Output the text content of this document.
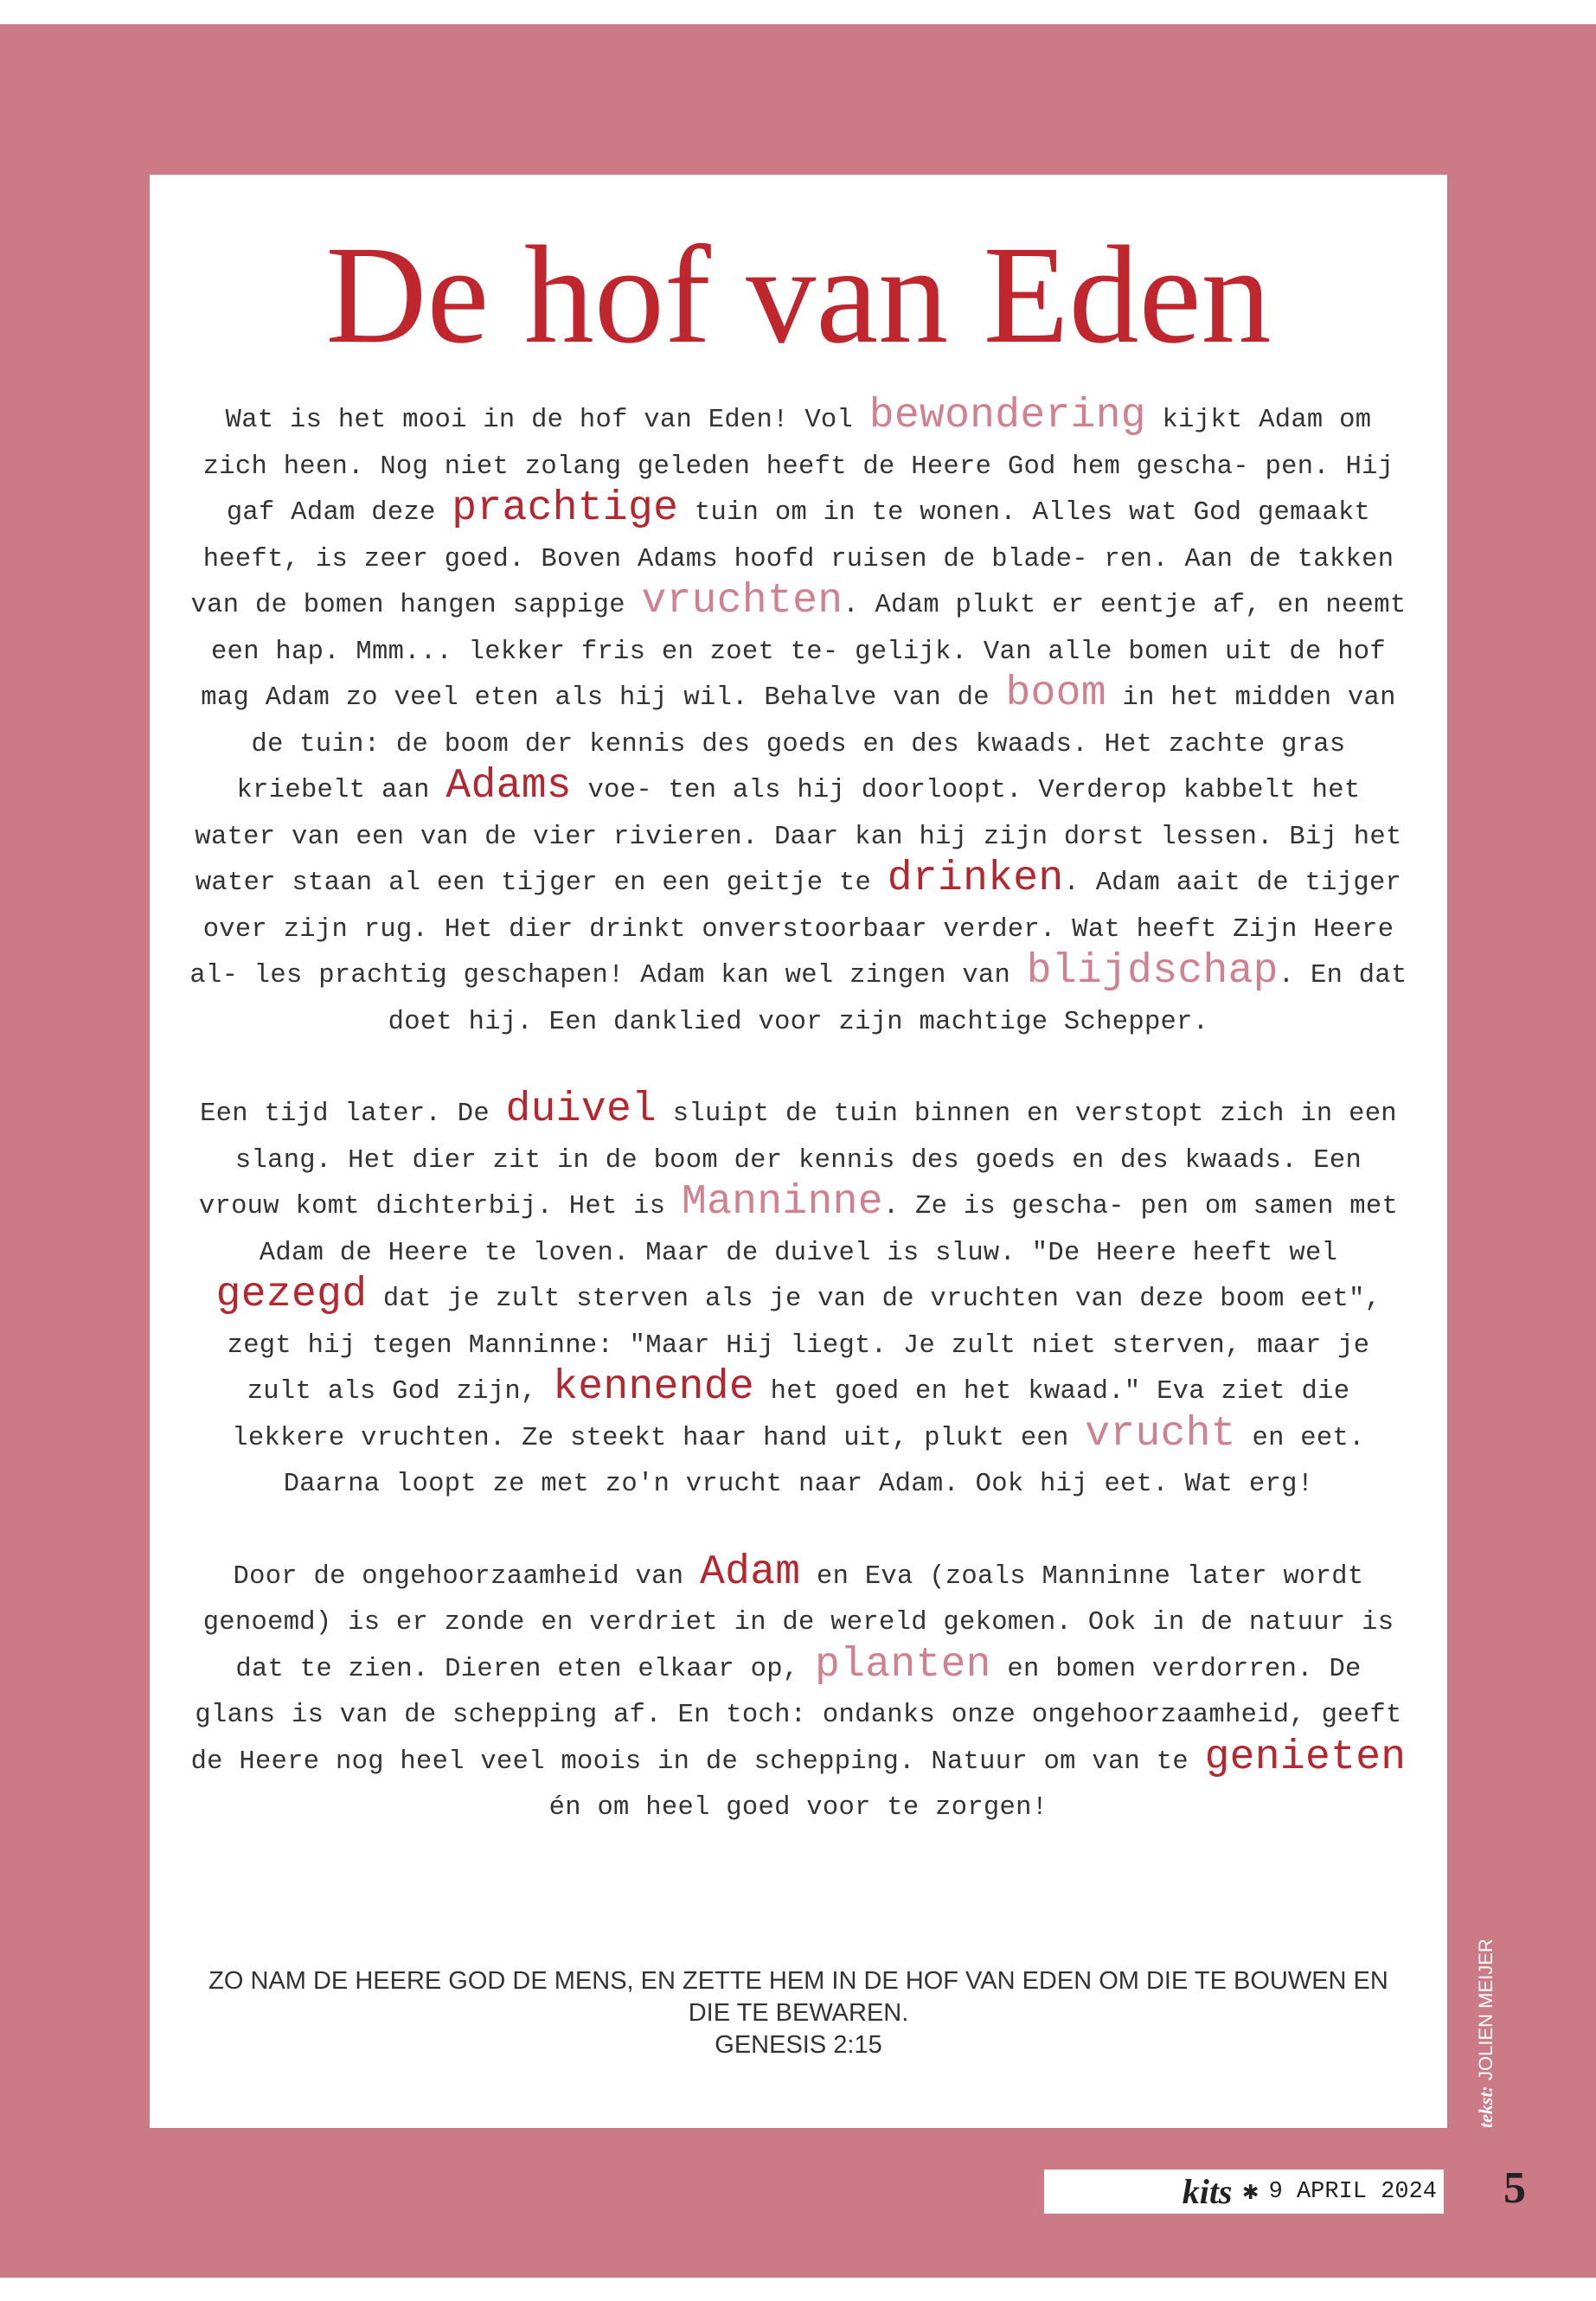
De hof van Eden

Wat is het mooi in de hof van Eden! Vol bewondering kijkt Adam om zich heen. Nog niet zolang geleden heeft de Heere God hem gescha- pen. Hij gaf Adam deze prachtige tuin om in te wonen. Alles wat God gemaakt heeft, is zeer goed. Boven Adams hoofd ruisen de blade- ren. Aan de takken van de bomen hangen sappige vruchten. Adam plukt er eentje af, en neemt een hap. Mmm... lekker fris en zoet te- gelijk. Van alle bomen uit de hof mag Adam zo veel eten als hij wil. Behalve van de boom in het midden van de tuin: de boom der kennis des goeds en des kwaads. Het zachte gras kriebelt aan Adams voe- ten als hij doorloopt. Verderop kabbelt het water van een van de vier rivieren. Daar kan hij zijn dorst lessen. Bij het water staan al een tijger en een geitje te drinken. Adam aait de tijger over zijn rug. Het dier drinkt onverstoorbaar verder. Wat heeft Zijn Heere al- les prachtig geschapen! Adam kan wel zingen van blijdschap. En dat doet hij. Een danklied voor zijn machtige Schepper.

Een tijd later. De duivel sluipt de tuin binnen en verstopt zich in een slang. Het dier zit in de boom der kennis des goeds en des kwaads. Een vrouw komt dichterbij. Het is Manninne. Ze is gescha- pen om samen met Adam de Heere te loven. Maar de duivel is sluw. "De Heere heeft wel gezegd dat je zult sterven als je van de vruchten van deze boom eet", zegt hij tegen Manninne: "Maar Hij liegt. Je zult niet sterven, maar je zult als God zijn, kennende het goed en het kwaad." Eva ziet die lekkere vruchten. Ze steekt haar hand uit, plukt een vrucht en eet. Daarna loopt ze met zo'n vrucht naar Adam. Ook hij eet. Wat erg!

Door de ongehoorzaamheid van Adam en Eva (zoals Manninne later wordt genoemd) is er zonde en verdriet in de wereld gekomen. Ook in de natuur is dat te zien. Dieren eten elkaar op, planten en bomen verdorren. De glans is van de schepping af. En toch: ondanks onze ongehoorzaamheid, geeft de Heere nog heel veel moois in de schepping. Natuur om van te genieten én om heel goed voor te zorgen!

ZO NAM DE HEERE GOD DE MENS, EN ZETTE HEM IN DE HOF VAN EDEN OM DIE TE BOUWEN EN DIE TE BEWAREN.
GENESIS 2:15
tekst: JOLIEN MEIJER
kits ✱ 9 APRIL 2024 5
